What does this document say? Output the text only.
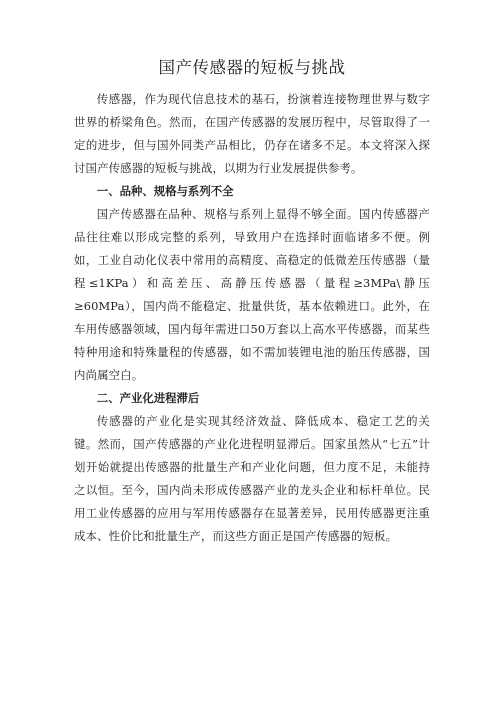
国产传感器的短板与挑战

传感器，作为现代信息技术的基石，扮演着连接物理世界与数字世界的桥梁角色。然而，在国产传感器的发展历程中，尽管取得了一定的进步，但与国外同类产品相比，仍存在诸多不足。本文将深入探讨国产传感器的短板与挑战，以期为行业发展提供参考。

一、品种、规格与系列不全

国产传感器在品种、规格与系列上显得不够全面。国内传感器产品往往难以形成完整的系列，导致用户在选择时面临诸多不便。例如，工业自动化仪表中常用的高精度、高稳定的低微差压传感器（量程≤1KPa）和高差压、高静压传感器（量程≥3MPa\静压≥60MPa），国内尚不能稳定、批量供货，基本依赖进口。此外，在车用传感器领域，国内每年需进口50万套以上高水平传感器，而某些特种用途和特殊量程的传感器，如不需加装锂电池的胎压传感器，国内尚属空白。

二、产业化进程滞后

传感器的产业化是实现其经济效益、降低成本、稳定工艺的关键。然而，国产传感器的产业化进程明显滞后。国家虽然从“七五”计划开始就提出传感器的批量生产和产业化问题，但力度不足，未能持之以恒。至今，国内尚未形成传感器产业的龙头企业和标杆单位。民用工业传感器的应用与军用传感器存在显著差异，民用传感器更注重成本、性价比和批量生产，而这些方面正是国产传感器的短板。
